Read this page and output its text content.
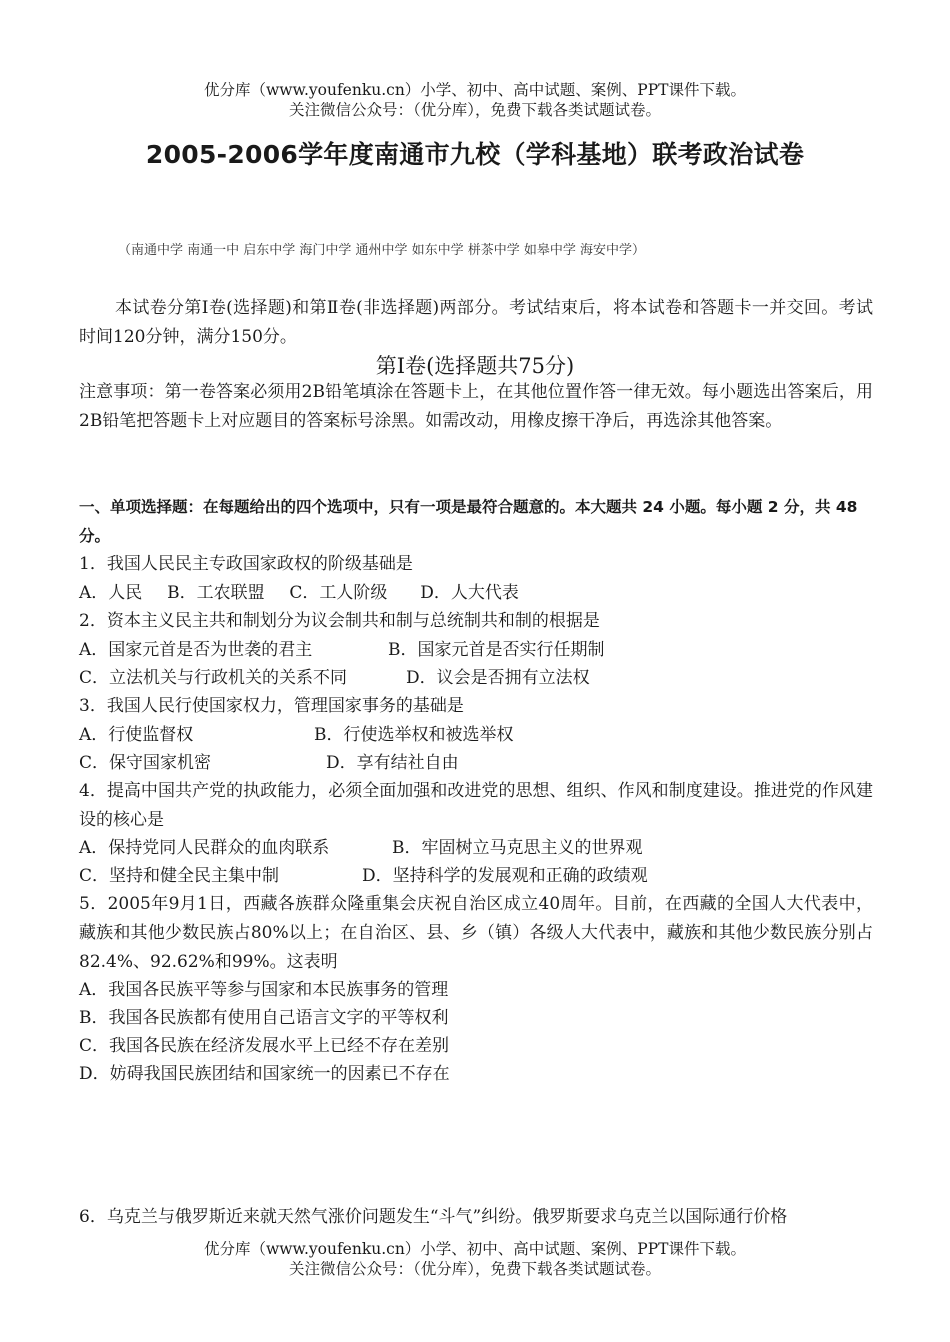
优分库（www.youfenku.cn）小学、初中、高中试题、案例、PPT课件下载。
关注微信公众号：（优分库），免费下载各类试题试卷。
2005-2006学年度南通市九校（学科基地）联考政治试卷
（南通中学 南通一中 启东中学 海门中学 通州中学 如东中学 栟茶中学 如皋中学 海安中学）
本试卷分第Ⅰ卷(选择题)和第Ⅱ卷(非选择题)两部分。考试结束后，将本试卷和答题卡一并交回。考试时间120分钟，满分150分。
第I卷(选择题共75分)
注意事项：第一卷答案必须用2B铅笔填涂在答题卡上，在其他位置作答一律无效。每小题选出答案后，用2B铅笔把答题卡上对应题目的答案标号涂黑。如需改动，用橡皮擦干净后，再选涂其他答案。
一、单项选择题：在每题给出的四个选项中，只有一项是最符合题意的。本大题共 24 小题。每小题 2 分，共 48 分。
1．我国人民民主专政国家政权的阶级基础是
A．人民 B．工农联盟 C．工人阶级 D．人大代表
2．资本主义民主共和制划分为议会制共和制与总统制共和制的根据是
A．国家元首是否为世袭的君主	B．国家元首是否实行任期制
C．立法机关与行政机关的关系不同	D．议会是否拥有立法权
3．我国人民行使国家权力，管理国家事务的基础是
A．行使监督权	B．行使选举权和被选举权
C．保守国家机密	D．享有结社自由
4．提高中国共产党的执政能力，必须全面加强和改进党的思想、组织、作风和制度建设。推进党的作风建设的核心是
A．保持党同人民群众的血肉联系	B．牢固树立马克思主义的世界观
C．坚持和健全民主集中制	D．坚持科学的发展观和正确的政绩观
5．2005年9月1日，西藏各族群众隆重集会庆祝自治区成立40周年。目前，在西藏的全国人大代表中，藏族和其他少数民族占80%以上；在自治区、县、乡（镇）各级人大代表中，藏族和其他少数民族分别占82.4%、92.62%和99%。这表明
A．我国各民族平等参与国家和本民族事务的管理
B．我国各民族都有使用自己语言文字的平等权利
C．我国各民族在经济发展水平上已经不存在差别
D．妨碍我国民族团结和国家统一的因素已不存在
6．乌克兰与俄罗斯近来就天然气涨价问题发生“斗气”纠纷。俄罗斯要求乌克兰以国际通行价格
优分库（www.youfenku.cn）小学、初中、高中试题、案例、PPT课件下载。
关注微信公众号：（优分库），免费下载各类试题试卷。
